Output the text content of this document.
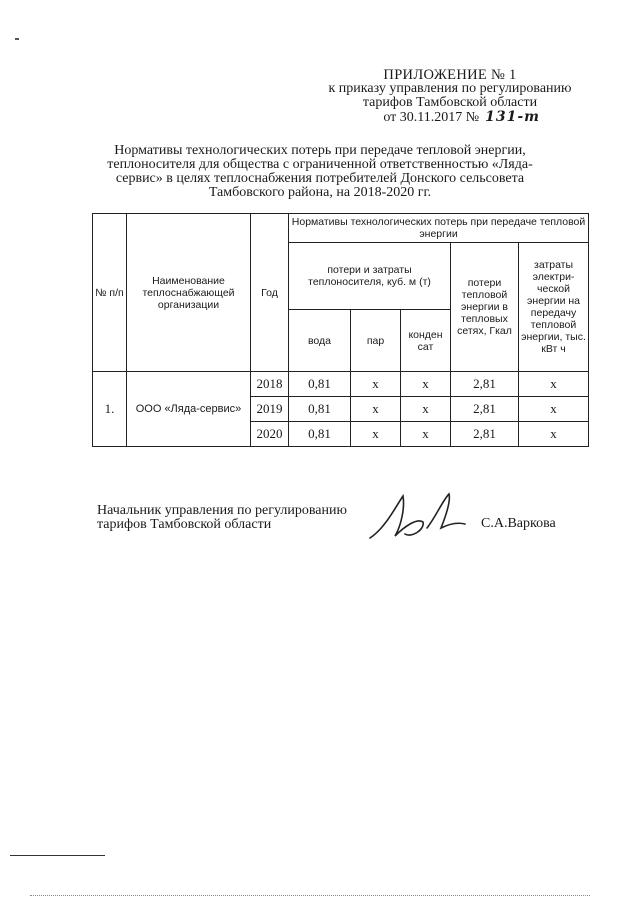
ПРИЛОЖЕНИЕ № 1
к приказу управления по регулированию
тарифов Тамбовской области
от 30.11.2017 № 131-т
Нормативы технологических потерь при передаче тепловой энергии,
теплоносителя для общества с ограниченной ответственностью «Ляда-
сервис» в целях теплоснабжения потребителей Донского сельсовета
Тамбовского района, на 2018-2020 гг.
№ п/п	Наименование теплоснабжающей организации	Год	Нормативы технологических потерь при передаче тепловой энергии				
			потери и затраты теплоносителя, куб. м (т)			потери тепловой энергии в тепловых сетях, Гкал	затраты электри-ческой энергии на передачу тепловой энергии, тыс. кВт ч
			вода	пар	конден сат		
1.	ООО «Ляда-сервис»	2018	0,81	х	х	2,81	х
		2019	0,81	х	х	2,81	х
		2020	0,81	х	х	2,81	х
Начальник управления по регулированию
тарифов Тамбовской области	С.А.Варкова
